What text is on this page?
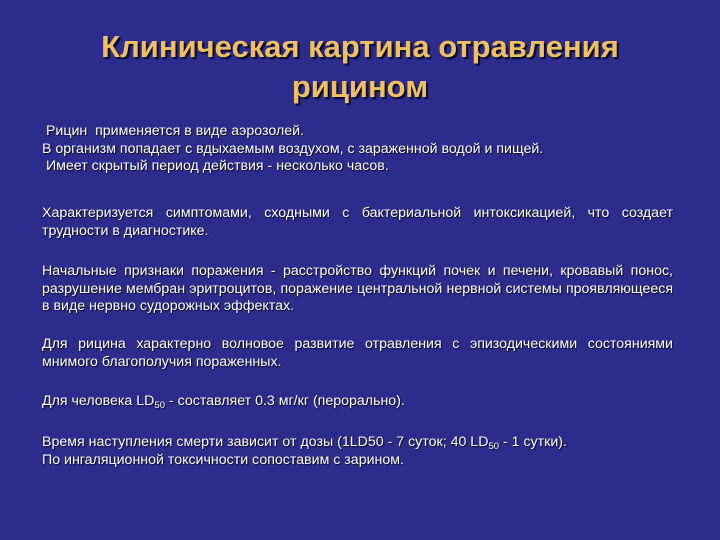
Клиническая картина отравления
рицином
Рицин  применяется в виде аэрозолей.
В организм попадает с вдыхаемым воздухом, с зараженной водой и пищей.
Имеет скрытый период действия - несколько часов.
Характеризуется симптомами, сходными с бактериальной интоксикацией, что создает трудности в диагностике.
Начальные признаки поражения - расстройство функций почек и печени, кровавый понос, разрушение мембран эритроцитов, поражение центральной нервной системы проявляющееся в виде нервно судорожных эффектах.
Для рицина характерно волновое развитие отравления с эпизодическими состояниями мнимого благополучия пораженных.
Для человека $LD_{50}$ - составляет 0.3 мг/кг (перорально).
Время наступления смерти зависит от дозы (1LD50 - 7 суток; 40 $LD_{50} - 1$ сутки).
По ингаляционной токсичности сопоставим с зарином.
